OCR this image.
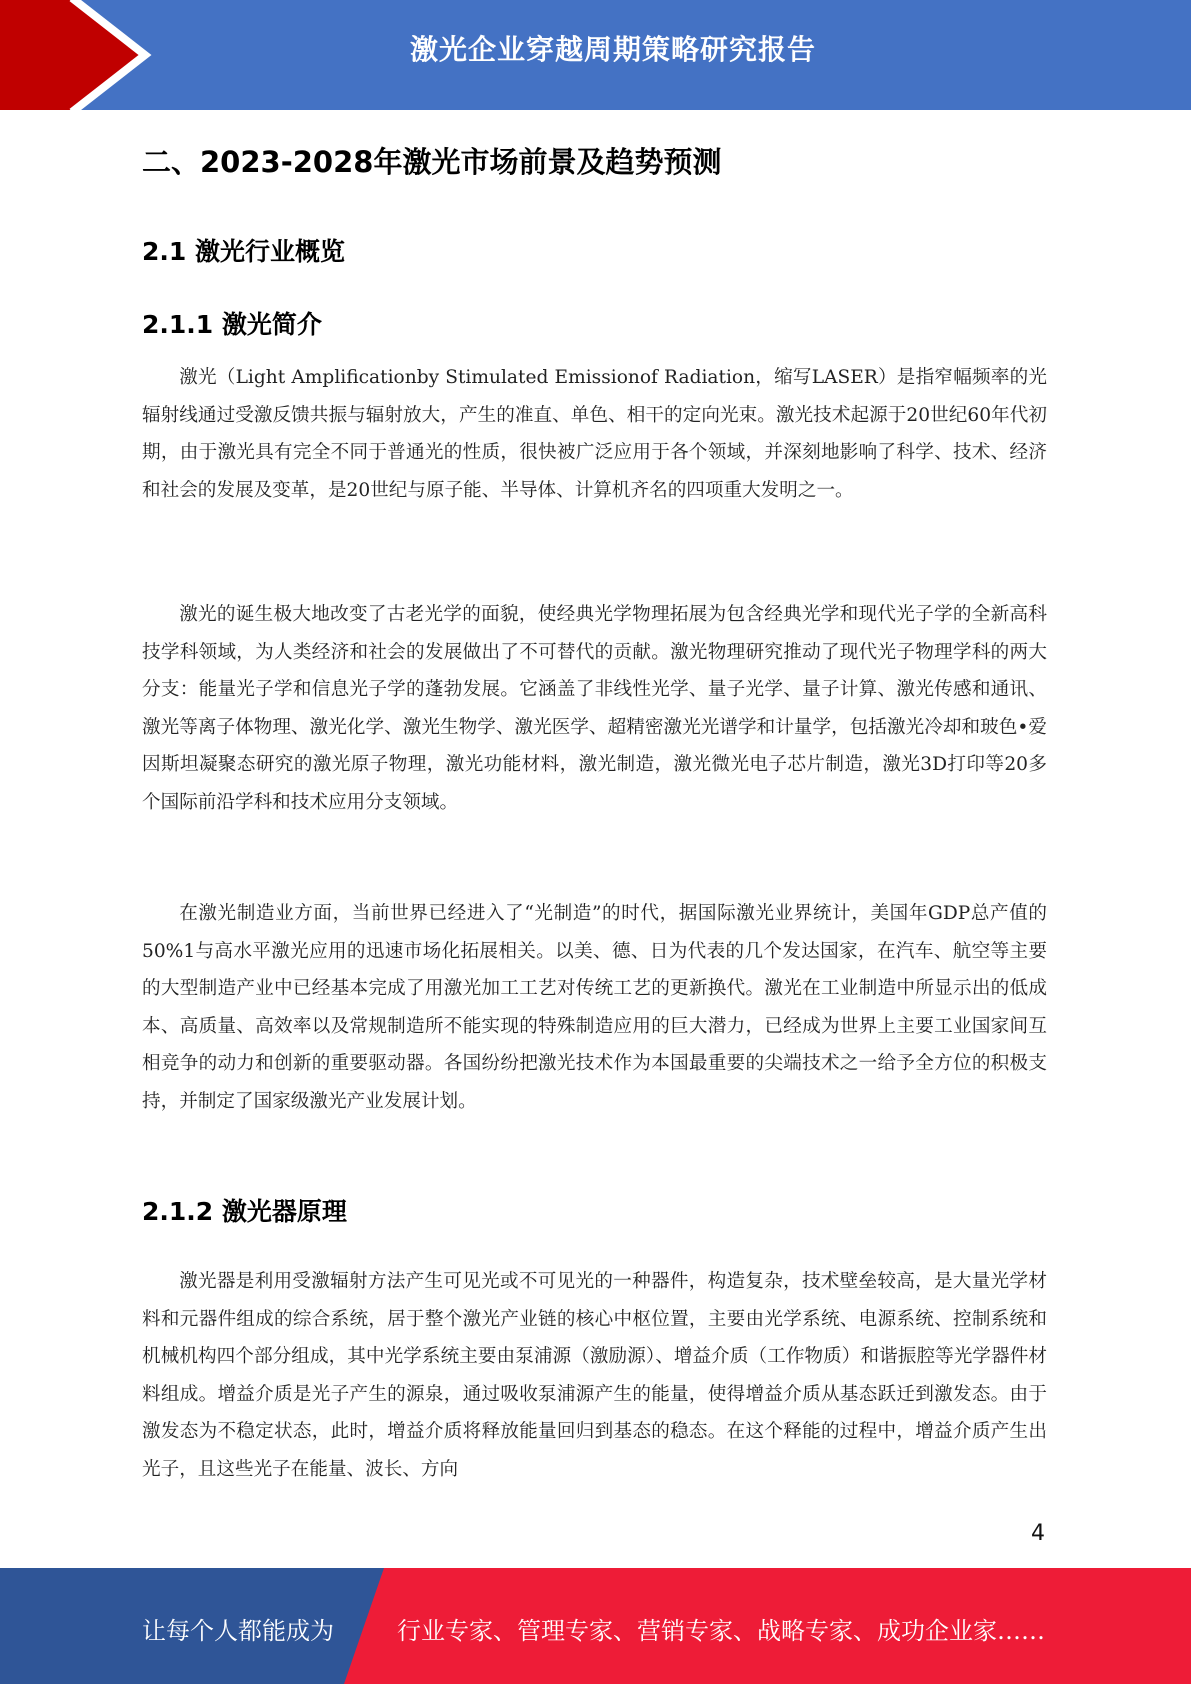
激光企业穿越周期策略研究报告
二、2023-2028年激光市场前景及趋势预测
2.1 激光行业概览
2.1.1 激光简介

激光（Light Amplificationby Stimulated Emissionof Radiation，缩写LASER）是指窄幅频率的光辐射线通过受激反馈共振与辐射放大，产生的准直、单色、相干的定向光束。激光技术起源于20世纪60年代初期，由于激光具有完全不同于普通光的性质，很快被广泛应用于各个领域，并深刻地影响了科学、技术、经济和社会的发展及变革，是20世纪与原子能、半导体、计算机齐名的四项重大发明之一。

激光的诞生极大地改变了古老光学的面貌，使经典光学物理拓展为包含经典光学和现代光子学的全新高科技学科领域，为人类经济和社会的发展做出了不可替代的贡献。激光物理研究推动了现代光子物理学科的两大分支：能量光子学和信息光子学的蓬勃发展。它涵盖了非线性光学、量子光学、量子计算、激光传感和通讯、激光等离子体物理、激光化学、激光生物学、激光医学、超精密激光光谱学和计量学，包括激光冷却和玻色•爱因斯坦凝聚态研究的激光原子物理，激光功能材料，激光制造，激光微光电子芯片制造，激光3D打印等20多个国际前沿学科和技术应用分支领域。

在激光制造业方面，当前世界已经进入了“光制造”的时代，据国际激光业界统计，美国年GDP总产值的50%1与高水平激光应用的迅速市场化拓展相关。以美、德、日为代表的几个发达国家，在汽车、航空等主要的大型制造产业中已经基本完成了用激光加工工艺对传统工艺的更新换代。激光在工业制造中所显示出的低成本、高质量、高效率以及常规制造所不能实现的特殊制造应用的巨大潜力，已经成为世界上主要工业国家间互相竞争的动力和创新的重要驱动器。各国纷纷把激光技术作为本国最重要的尖端技术之一给予全方位的积极支持，并制定了国家级激光产业发展计划。

2.1.2 激光器原理

激光器是利用受激辐射方法产生可见光或不可见光的一种器件，构造复杂，技术壁垒较高，是大量光学材料和元器件组成的综合系统，居于整个激光产业链的核心中枢位置，主要由光学系统、电源系统、控制系统和机械机构四个部分组成，其中光学系统主要由泵浦源（激励源）、增益介质（工作物质）和谐振腔等光学器件材料组成。增益介质是光子产生的源泉，通过吸收泵浦源产生的能量，使得增益介质从基态跃迁到激发态。由于激发态为不稳定状态，此时，增益介质将释放能量回归到基态的稳态。在这个释能的过程中，增益介质产生出光子，且这些光子在能量、波长、方向

4
让每个人都能成为	行业专家、管理专家、营销专家、战略专家、成功企业家……
